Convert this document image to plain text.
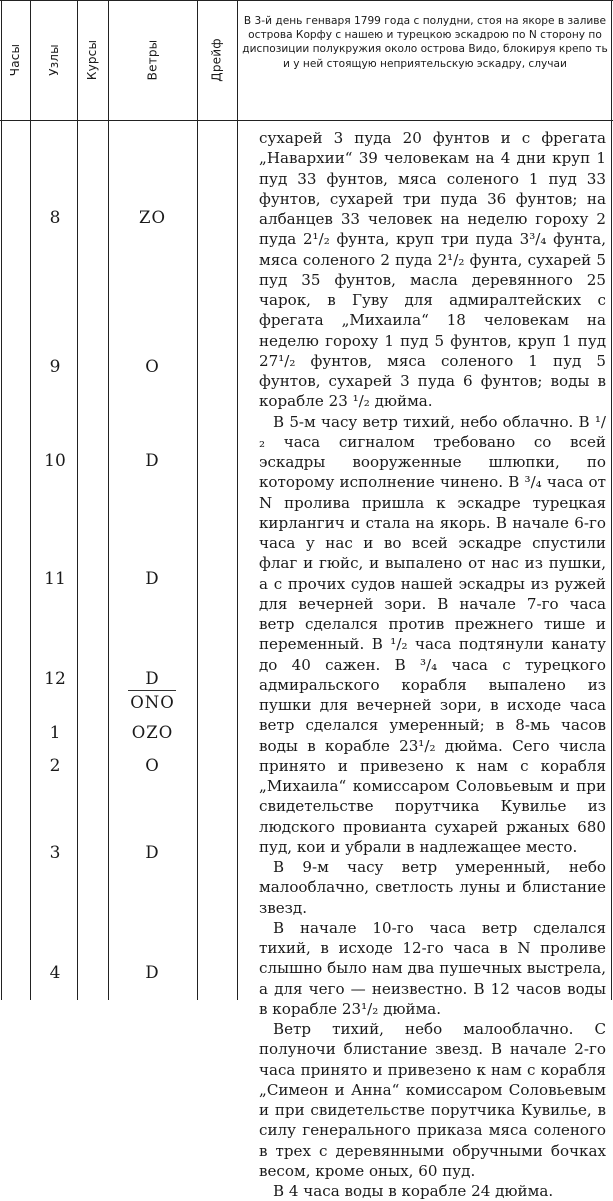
Часы Узлы Курсы	Ветры	Дрейф
В 3-й день генваря 1799 года с полудни, стоя на якоре в заливе острова Корфу с нашею и турецкою эскадрою по N сторону по диспозиции полукружия около острова Видо, блокируя крепо ть и у ней стоящую неприятельскую эскадру, случаи
8	ZO
9	O
10	D
11	D
12	D
ONO
1	OZO
2	O
3	D
4	D

сухарей 3 пуда 20 фунтов и с фрегата „Навархии“ 39 человекам на 4 дни круп 1 пуд 33 фунтов, мяса соленого 1 пуд 33 фунтов, сухарей три пуда 36 фунтов; на албанцев 33 человек на неделю гороху 2 пуда 2¹/₂ фунта, круп три пуда 3³/₄ фунта, мяса соленого 2 пуда 2¹/₂ фунта, сухарей 5 пуд 35 фунтов, масла деревянного 25 чарок, в Гуву для адмиралтейских с фрегата „Михаила“ 18 человекам на неделю гороху 1 пуд 5 фунтов, круп 1 пуд 27¹/₂ фунтов, мяса соленого 1 пуд 5 фунтов, сухарей 3 пуда 6 фунтов; воды в корабле 23 ¹/₂ дюйма.

В 5-м часу ветр тихий, небо облачно. В ¹/₂ часа сигналом требовано со всей эскадры вооруженные шлюпки, по которому исполнение чинено. В ³/₄ часа от N пролива пришла к эскадре турецкая кирлангич и стала на якорь. В начале 6-го часа у нас и во всей эскадре спустили флаг и гюйс, и выпалено от нас из пушки, а с прочих судов нашей эскадры из ружей для вечерней зори. В начале 7-го часа ветр сделался против прежнего тише и переменный. В ¹/₂ часа подтянули канату до 40 сажен. В ³/₄ часа с турецкого адмиральского корабля выпалено из пушки для вечерней зори, в исходе часа ветр сделался умеренный; в 8-мь часов воды в корабле 23¹/₂ дюйма. Сего числа принято и привезено к нам с корабля „Михаила“ комиссаром Соловьевым и при свидетельстве порутчика Кувилье из людского провианта сухарей ржаных 680 пуд, кои и убрали в надлежащее место.

В 9-м часу ветр умеренный, небо малооблачно, светлость луны и блистание звезд.

В начале 10-го часа ветр сделался тихий, в исходе 12-го часа в N проливе слышно было нам два пушечных выстрела, а для чего — неизвестно. В 12 часов воды в корабле 23¹/₂ дюйма.

Ветр тихий, небо малооблачно. С полуночи блистание звезд. В начале 2-го часа принято и привезено к нам с корабля „Симеон и Анна“ комиссаром Соловьевым и при свидетельстве порутчика Кувилье, в силу генерального приказа мяса соленого в трех с деревянными обручными бочках весом, кроме оных, 60 пуд.

В 4 часа воды в корабле 24 дюйма.
